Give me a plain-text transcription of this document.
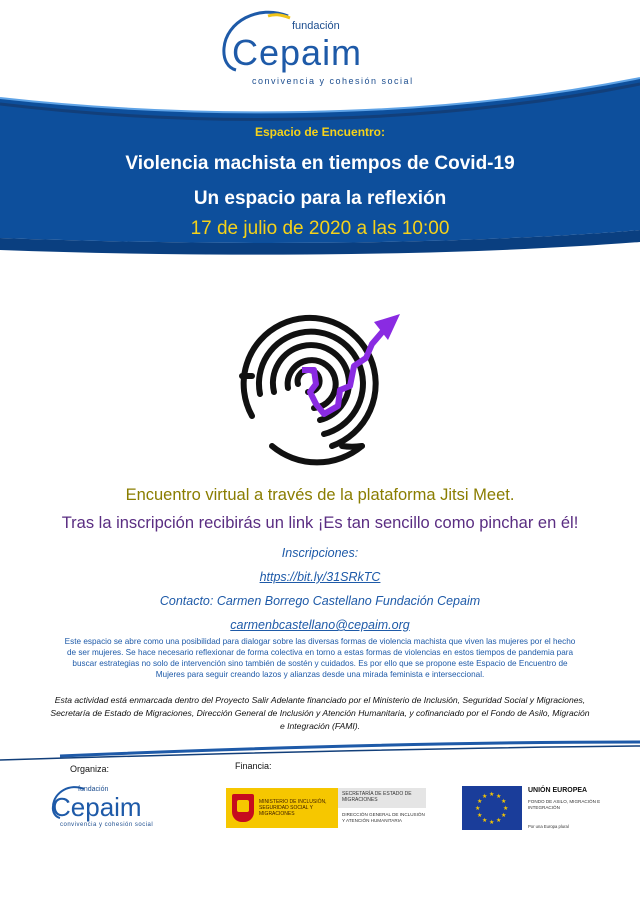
fundación
Cepaim
convivencia y cohesión social
Espacio de Encuentro:
Violencia machista en tiempos de Covid-19
Un espacio para la reflexión
17 de julio de 2020 a las 10:00
Encuentro virtual a través de la plataforma Jitsi Meet.
Tras la inscripción recibirás un link ¡Es tan sencillo como pinchar en él!
Inscripciones:
https://bit.ly/31SRkTC
Contacto: Carmen Borrego Castellano Fundación Cepaim
carmenbcastellano@cepaim.org
Este espacio se abre como una posibilidad para dialogar sobre las diversas formas de violencia machista que viven las mujeres por el hecho de ser mujeres. Se hace necesario reflexionar de forma colectiva en torno a estas formas de violencias en estos tiempos de pandemia para buscar estrategias no solo de intervención sino también de sostén y cuidados. Es por ello que se propone este Espacio de Encuentro de Mujeres para seguir creando lazos y alianzas desde una mirada feminista e interseccional.
Esta actividad está enmarcada dentro del Proyecto Salir Adelante financiado por el Ministerio de Inclusión, Seguridad Social y Migraciones, Secretaría de Estado de Migraciones, Dirección General de Inclusión y Atención Humanitaria, y cofinanciado por el Fondo de Asilo, Migración e Integración (FAMI).
Organiza:	Financia:
fundación
Cepaim
convivencia y cohesión social
MINISTERIO DE INCLUSIÓN, SEGURIDAD SOCIAL Y MIGRACIONES
SECRETARÍA DE ESTADO DE MIGRACIONES
DIRECCIÓN GENERAL DE INCLUSIÓN Y ATENCIÓN HUMANITARIA
★ ★
★
★
★
★
★
★
★
★
★
★
UNIÓN EUROPEA
FONDO DE ASILO, MIGRACIÓN E INTEGRACIÓN
Por una Europa plural
